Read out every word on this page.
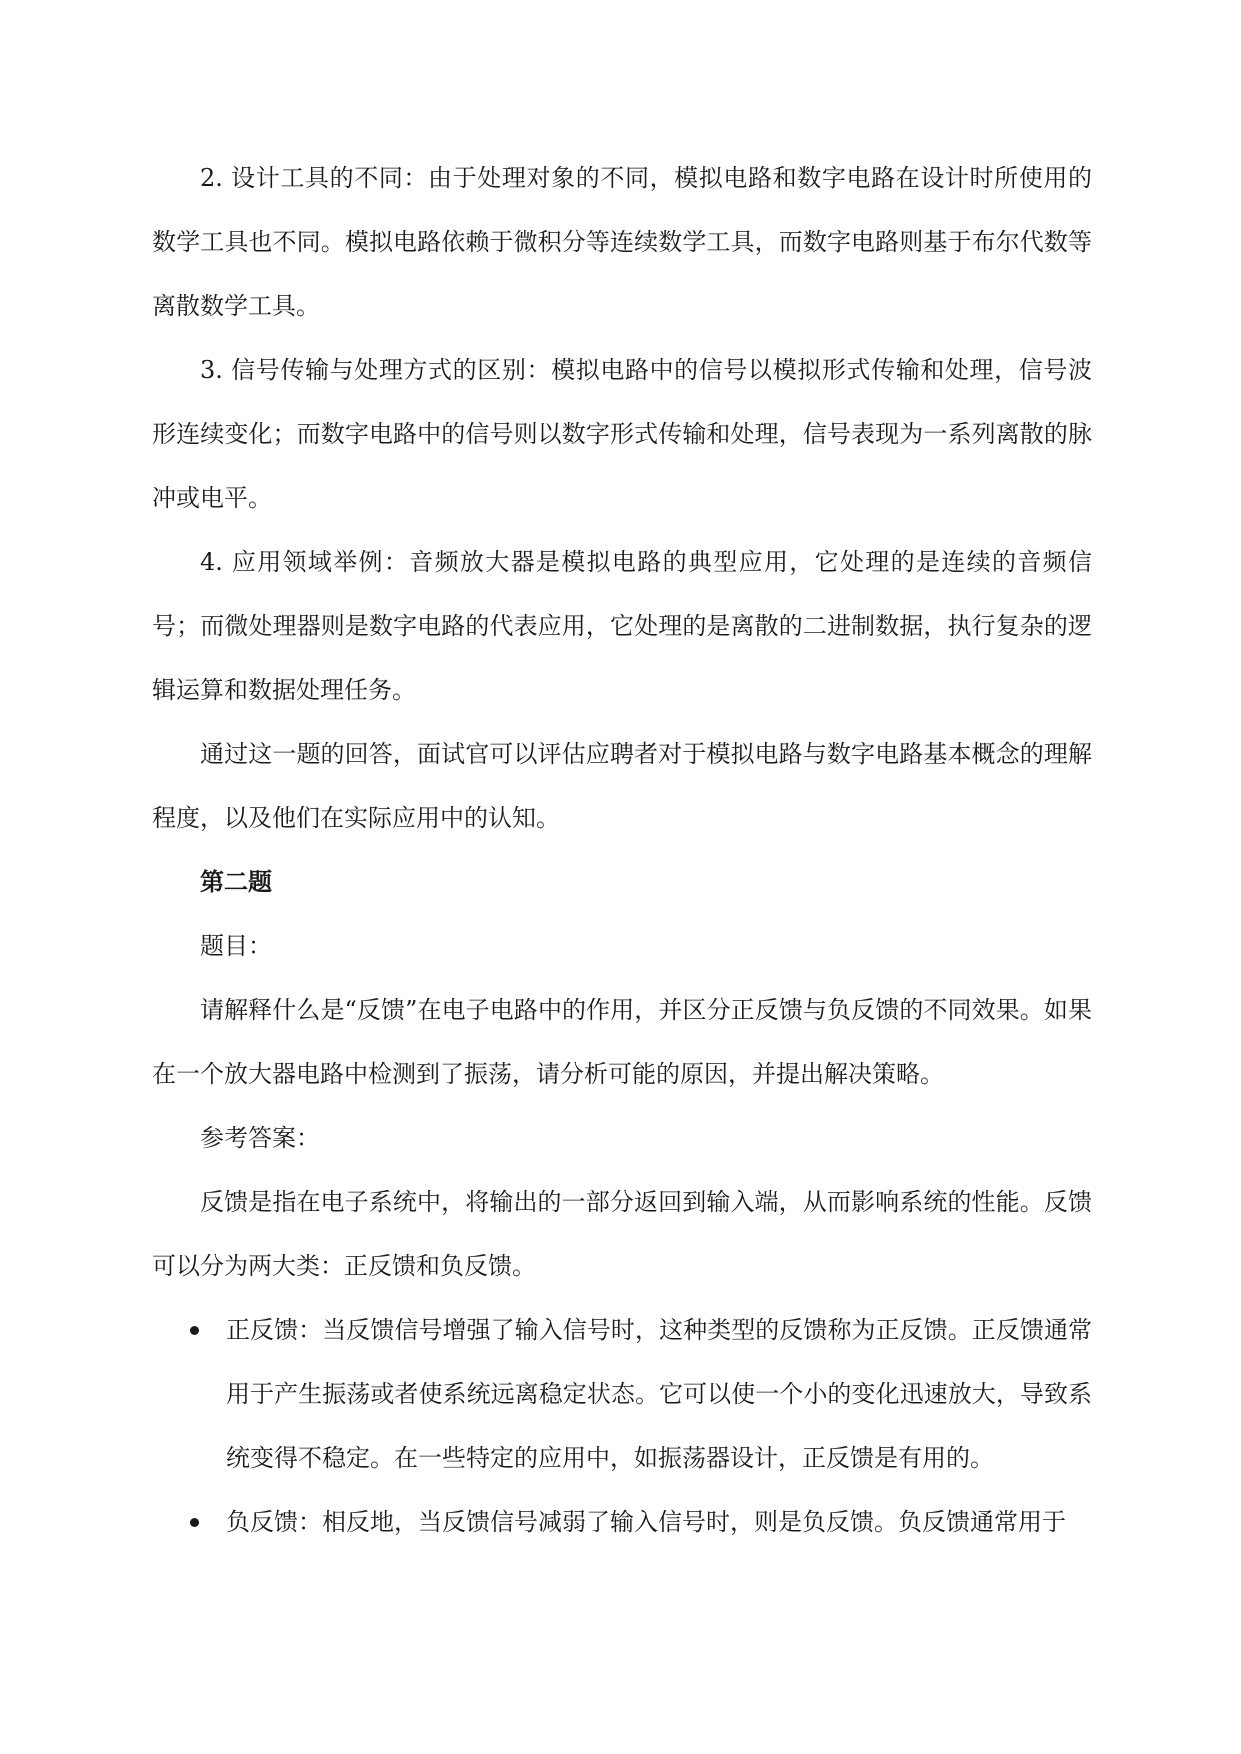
2. 设计工具的不同：由于处理对象的不同，模拟电路和数字电路在设计时所使用的数学工具也不同。模拟电路依赖于微积分等连续数学工具，而数字电路则基于布尔代数等离散数学工具。

3. 信号传输与处理方式的区别：模拟电路中的信号以模拟形式传输和处理，信号波形连续变化；而数字电路中的信号则以数字形式传输和处理，信号表现为一系列离散的脉冲或电平。

4. 应用领域举例：音频放大器是模拟电路的典型应用，它处理的是连续的音频信号；而微处理器则是数字电路的代表应用，它处理的是离散的二进制数据，执行复杂的逻辑运算和数据处理任务。

通过这一题的回答，面试官可以评估应聘者对于模拟电路与数字电路基本概念的理解程度，以及他们在实际应用中的认知。

第二题

题目：

请解释什么是“反馈”在电子电路中的作用，并区分正反馈与负反馈的不同效果。如果在一个放大器电路中检测到了振荡，请分析可能的原因，并提出解决策略。

参考答案：

反馈是指在电子系统中，将输出的一部分返回到输入端，从而影响系统的性能。反馈可以分为两大类：正反馈和负反馈。

正反馈：当反馈信号增强了输入信号时，这种类型的反馈称为正反馈。正反馈通常用于产生振荡或者使系统远离稳定状态。它可以使一个小的变化迅速放大，导致系统变得不稳定。在一些特定的应用中，如振荡器设计，正反馈是有用的。
负反馈：相反地，当反馈信号减弱了输入信号时，则是负反馈。负反馈通常用于
